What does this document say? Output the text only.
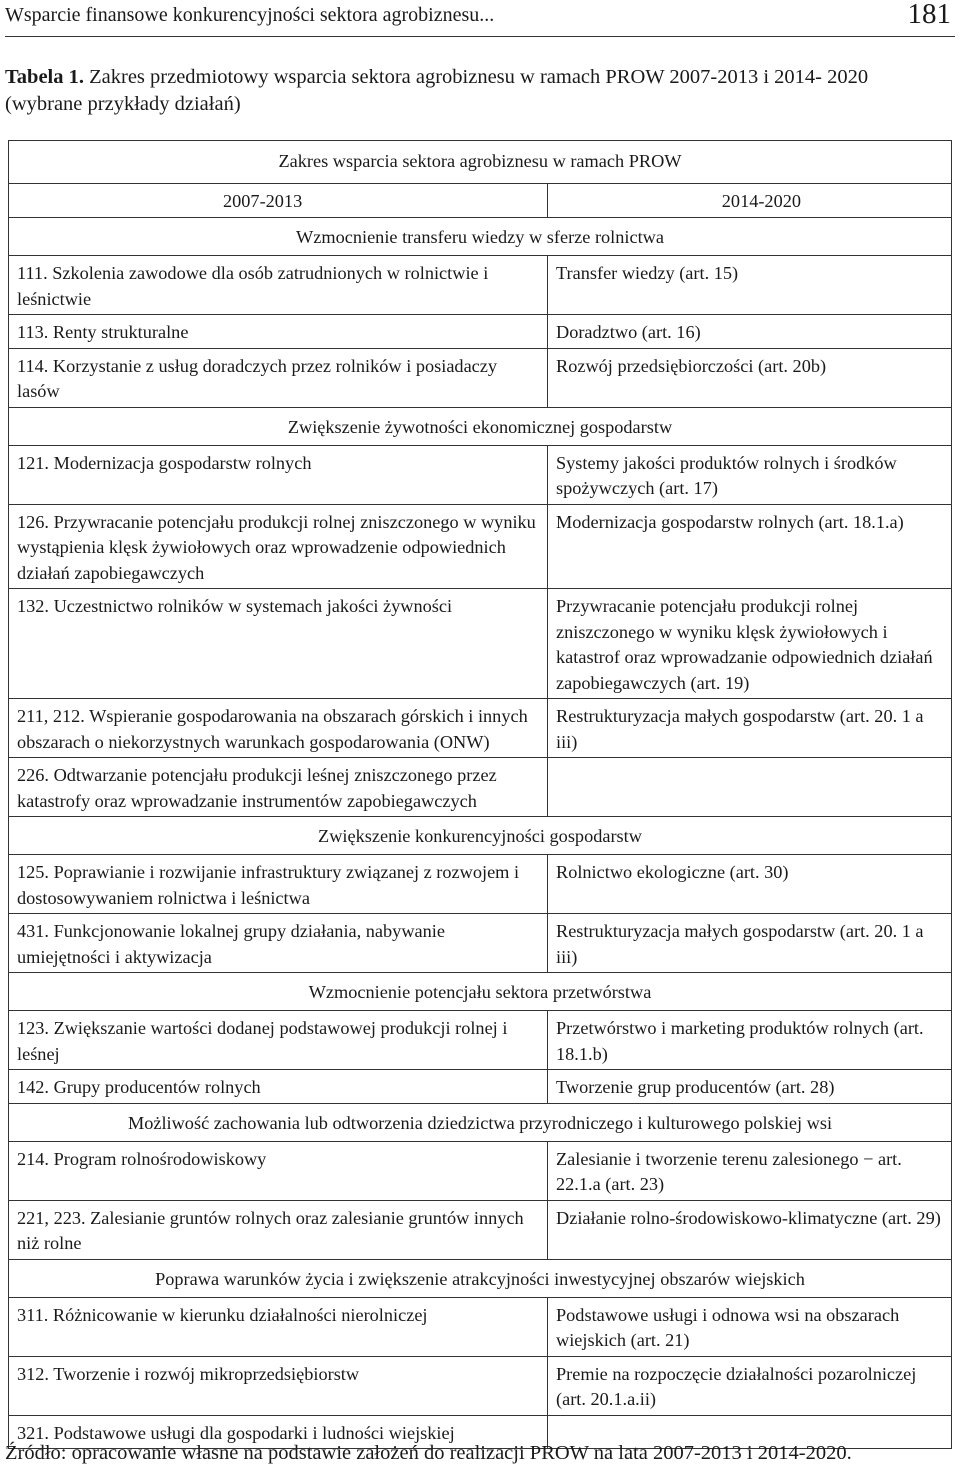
Wsparcie finansowe konkurencyjności sektora agrobiznesu...	181
Tabela 1. Zakres przedmiotowy wsparcia sektora agrobiznesu w ramach PROW 2007-2013 i 2014- 2020 (wybrane przykłady działań)
Zakres wsparcia sektora agrobiznesu w ramach PROW	
2007-2013	2014-2020
Wzmocnienie transferu wiedzy w sferze rolnictwa	
111. Szkolenia zawodowe dla osób zatrudnionych w rolnictwie i leśnictwie	Transfer wiedzy (art. 15)
113. Renty strukturalne	Doradztwo (art. 16)
114. Korzystanie z usług doradczych przez rolników i posiadaczy lasów	Rozwój przedsiębiorczości (art. 20b)
Zwiększenie żywotności ekonomicznej gospodarstw	
121. Modernizacja gospodarstw rolnych	Systemy jakości produktów rolnych i środków spożywczych (art. 17)
126. Przywracanie potencjału produkcji rolnej zniszczonego w wyniku wystąpienia klęsk żywiołowych oraz wprowadzenie odpowiednich działań zapobiegawczych	Modernizacja gospodarstw rolnych (art. 18.1.a)
132. Uczestnictwo rolników w systemach jakości żywności	Przywracanie potencjału produkcji rolnej zniszczonego w wyniku klęsk żywiołowych i katastrof oraz wprowadzanie odpowiednich działań zapobiegawczych (art. 19)
211, 212. Wspieranie gospodarowania na obszarach górskich i innych obszarach o niekorzystnych warunkach gospodarowania (ONW)	Restrukturyzacja małych gospodarstw (art. 20. 1 a iii)
226. Odtwarzanie potencjału produkcji leśnej zniszczonego przez katastrofy oraz wprowadzanie instrumentów zapobiegawczych	
Zwiększenie konkurencyjności gospodarstw	
125. Poprawianie i rozwijanie infrastruktury związanej z rozwojem i dostosowywaniem rolnictwa i leśnictwa	Rolnictwo ekologiczne (art. 30)
431. Funkcjonowanie lokalnej grupy działania, nabywanie umiejętności i aktywizacja	Restrukturyzacja małych gospodarstw (art. 20. 1 a iii)
Wzmocnienie potencjału sektora przetwórstwa	
123. Zwiększanie wartości dodanej podstawowej produkcji rolnej i leśnej	Przetwórstwo i marketing produktów rolnych (art. 18.1.b)
142. Grupy producentów rolnych	Tworzenie grup producentów (art. 28)
Możliwość zachowania lub odtworzenia dziedzictwa przyrodniczego i kulturowego polskiej wsi	
214. Program rolnośrodowiskowy	Zalesianie i tworzenie terenu zalesionego − art. 22.1.a (art. 23)
221, 223. Zalesianie gruntów rolnych oraz zalesianie gruntów innych niż rolne	Działanie rolno-środowiskowo-klimatyczne (art. 29)
Poprawa warunków życia i zwiększenie atrakcyjności inwestycyjnej obszarów wiejskich	
311. Różnicowanie w kierunku działalności nierolniczej	Podstawowe usługi i odnowa wsi na obszarach wiejskich (art. 21)
312. Tworzenie i rozwój mikroprzedsiębiorstw	Premie na rozpoczęcie działalności pozarolniczej (art. 20.1.a.ii)
321. Podstawowe usługi dla gospodarki i ludności wiejskiej	
Źródło: opracowanie własne na podstawie założeń do realizacji PROW na lata 2007-2013 i 2014-2020.
